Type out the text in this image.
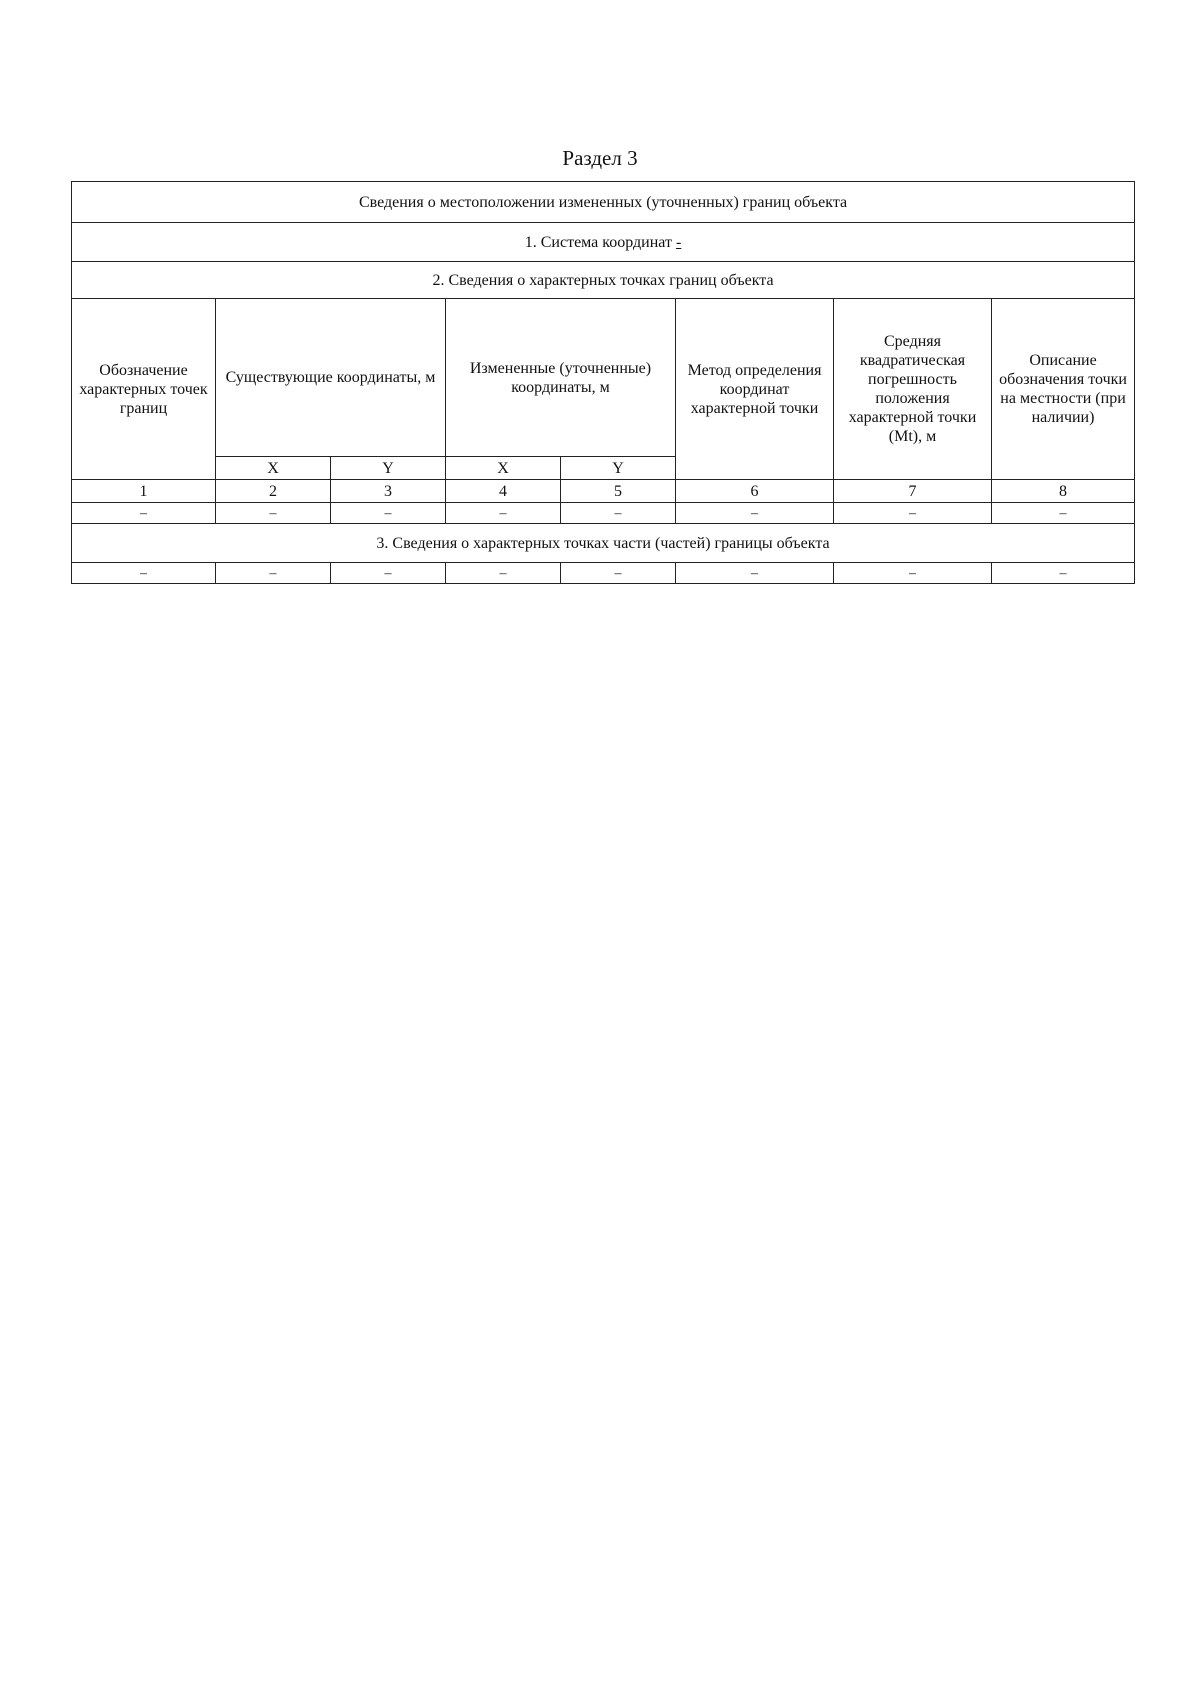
Раздел 3
Сведения о местоположении измененных (уточненных) границ объекта							
1. Система координат -							
2. Сведения о характерных точках границ объекта							
Обозначение характерных точек границ	Существующие координаты, м		Измененные (уточненные) координаты, м		Метод определения координат характерной точки	Средняя квадратическая погрешность положения характерной точки (Mt), м	Описание обозначения точки на местности (при наличии)
	X	Y	X	Y			
1	2	3	4	5	6	7	8
–	–	–	–	–	–	–	–
3. Сведения о характерных точках части (частей) границы объекта							
–	–	–	–	–	–	–	–
